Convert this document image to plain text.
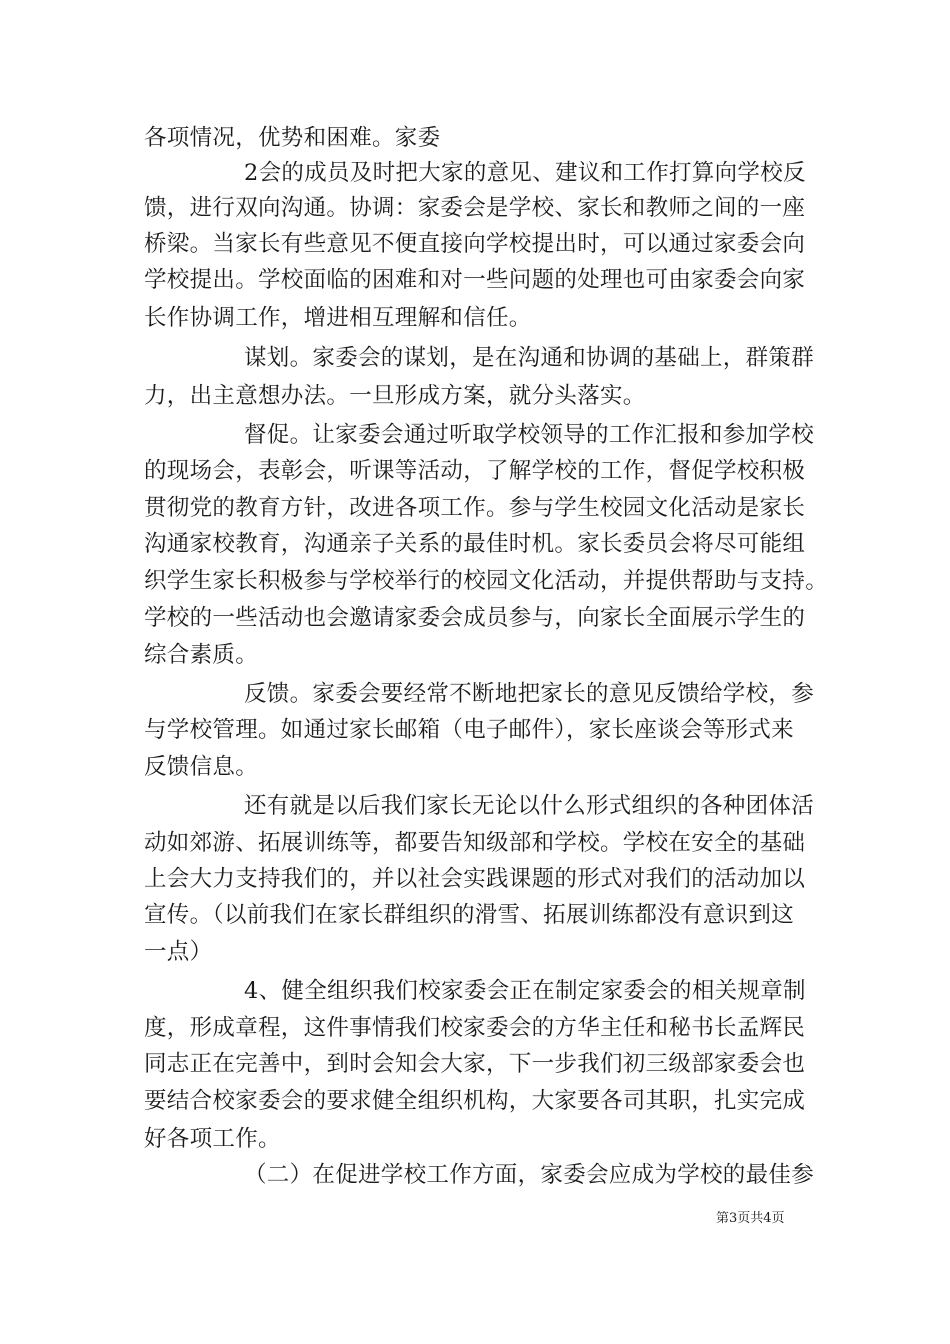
各项情况，优势和困难。家委
2会的成员及时把大家的意见、建议和工作打算向学校反
馈，进行双向沟通。协调：家委会是学校、家长和教师之间的一座
桥梁。当家长有些意见不便直接向学校提出时，可以通过家委会向
学校提出。学校面临的困难和对一些问题的处理也可由家委会向家
长作协调工作，增进相互理解和信任。
谋划。家委会的谋划，是在沟通和协调的基础上，群策群
力，出主意想办法。一旦形成方案，就分头落实。
督促。让家委会通过听取学校领导的工作汇报和参加学校
的现场会，表彰会，听课等活动，了解学校的工作，督促学校积极
贯彻党的教育方针，改进各项工作。参与学生校园文化活动是家长
沟通家校教育，沟通亲子关系的最佳时机。家长委员会将尽可能组
织学生家长积极参与学校举行的校园文化活动，并提供帮助与支持。
学校的一些活动也会邀请家委会成员参与，向家长全面展示学生的
综合素质。
反馈。家委会要经常不断地把家长的意见反馈给学校，参
与学校管理。如通过家长邮箱（电子邮件），家长座谈会等形式来
反馈信息。
还有就是以后我们家长无论以什么形式组织的各种团体活
动如郊游、拓展训练等，都要告知级部和学校。学校在安全的基础
上会大力支持我们的，并以社会实践课题的形式对我们的活动加以
宣传。（以前我们在家长群组织的滑雪、拓展训练都没有意识到这
一点）
4、健全组织我们校家委会正在制定家委会的相关规章制
度，形成章程，这件事情我们校家委会的方华主任和秘书长孟辉民
同志正在完善中，到时会知会大家，下一步我们初三级部家委会也
要结合校家委会的要求健全组织机构，大家要各司其职，扎实完成
好各项工作。
（二）在促进学校工作方面，家委会应成为学校的最佳参
第3页共4页
